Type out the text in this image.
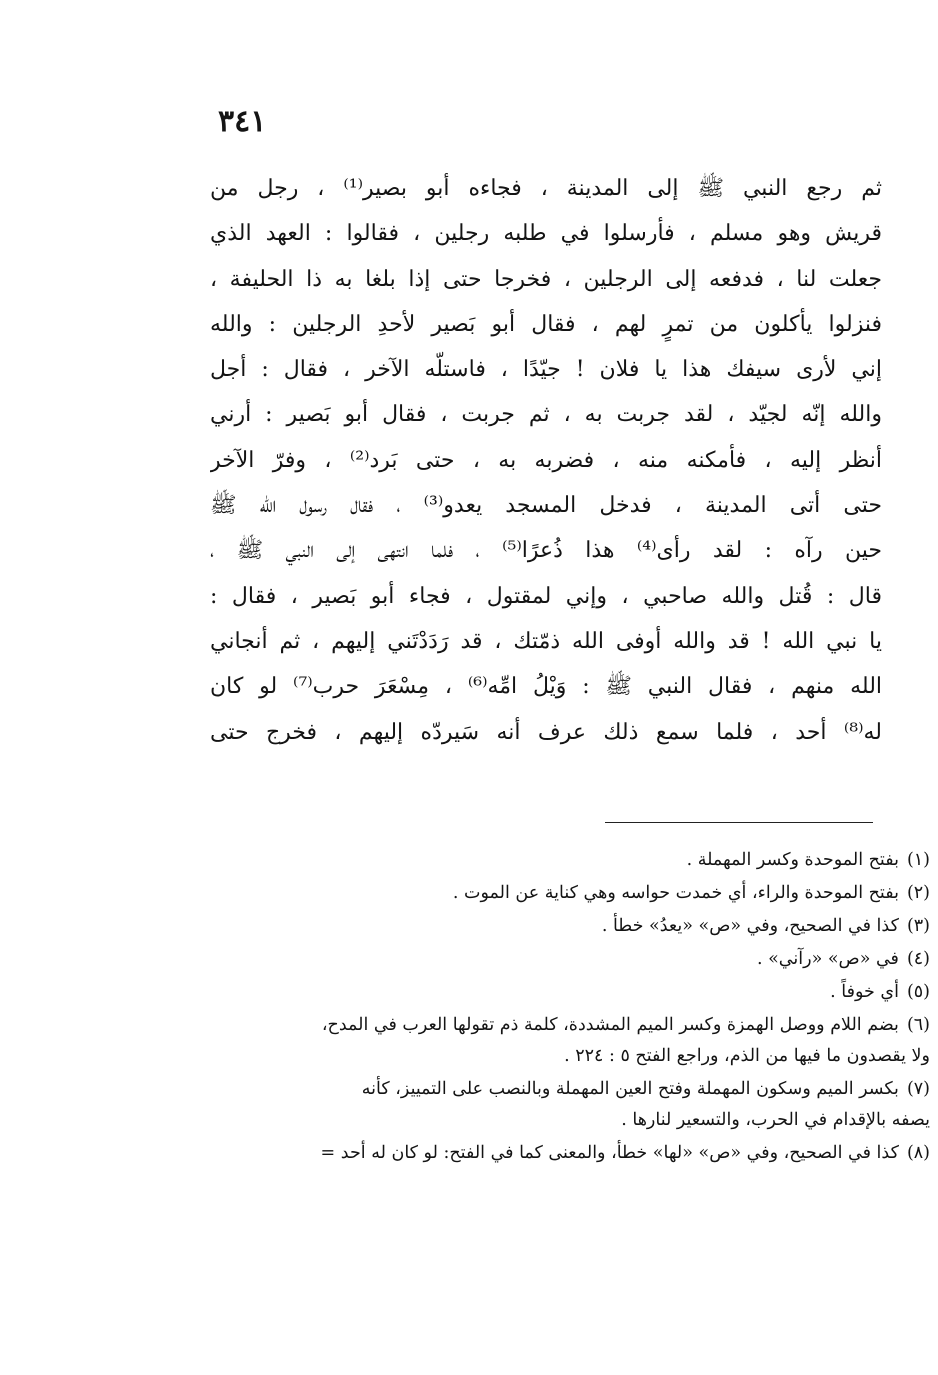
٣٤١
ثم رجع النبي ﷺ إلى المدينة ، فجاءه أبو بصير⁽¹⁾ ، رجل من
قريش وهو مسلم ، فأرسلوا في طلبه رجلين ، فقالوا : العهد الذي
جعلت لنا ، فدفعه إلى الرجلين ، فخرجا حتى إذا بلغا به ذا الحليفة ،
فنزلوا يأكلون من تمرٍ لهم ، فقال أبو بَصير لأحدِ الرجلين : والله
إني لأرى سيفك هذا يا فلان ! جيّدًا ، فاستلّه الآخر ، فقال : أجل
والله إنّه لجيّد ، لقد جربت به ، ثم جربت ، فقال أبو بَصير : أرني
أنظر إليه ، فأمكنه منه ، فضربه به ، حتى بَرد⁽²⁾ ، وفرّ الآخر
حتى أتى المدينة ، فدخل المسجد يعدو⁽³⁾ ، فقال رسول الله ﷺ
حين رآه : لقد رأى⁽⁴⁾ هذا ذُعرًا⁽⁵⁾ ، فلما انتهى إلى النبي ﷺ ،
قال : قُتل والله صاحبي ، وإني لمقتول ، فجاء أبو بَصير ، فقال :
يا نبي الله ! قد والله أوفى الله ذمّتك ، قد رَدَدْتَني إليهم ، ثم أنجاني
الله منهم ، فقال النبي ﷺ : وَيْلُ امِّه⁽⁶⁾ ، مِسْعَرَ حرب⁽⁷⁾ لو كان
له⁽⁸⁾ أحد ، فلما سمع ذلك عرف أنه سَيردّه إليهم ، فخرج حتى
(١)بفتح الموحدة وكسر المهملة .
(٢)بفتح الموحدة والراء، أي خمدت حواسه وهي كناية عن الموت .
(٣)كذا في الصحيح، وفي «ص» «يعدُ» خطأ .
(٤)في «ص» «رآني» .
(٥)أي خوفاً .
(٦)بضم اللام ووصل الهمزة وكسر الميم المشددة، كلمة ذم تقولها العرب في المدح،
ولا يقصدون ما فيها من الذم، وراجع الفتح ٥ : ٢٢٤ .
(٧)بكسر الميم وسكون المهملة وفتح العين المهملة وبالنصب على التمييز، كأنه
يصفه بالإقدام في الحرب، والتسعير لنارها .
(٨)كذا في الصحيح، وفي «ص» «لها» خطأ، والمعنى كما في الفتح: لو كان له أحد =
